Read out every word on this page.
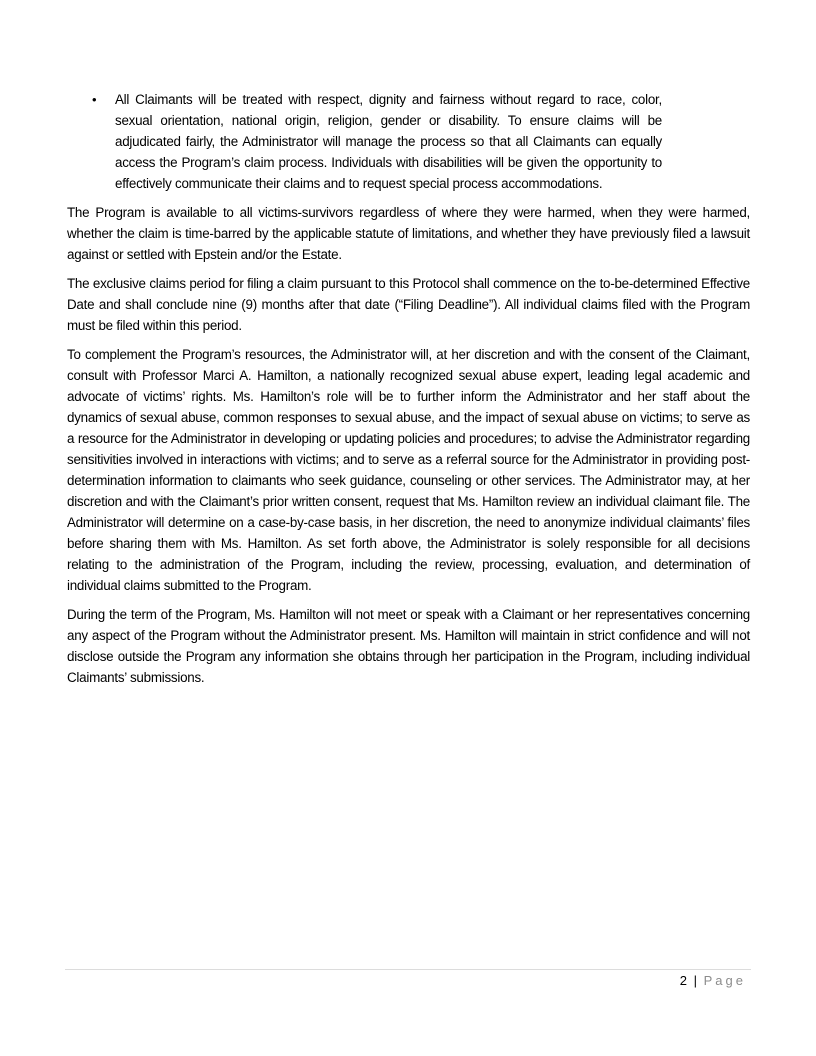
• All Claimants will be treated with respect, dignity and fairness without regard to race, color, sexual orientation, national origin, religion, gender or disability. To ensure claims will be adjudicated fairly, the Administrator will manage the process so that all Claimants can equally access the Program’s claim process. Individuals with disabilities will be given the opportunity to effectively communicate their claims and to request special process accommodations.

The Program is available to all victims-survivors regardless of where they were harmed, when they were harmed, whether the claim is time-barred by the applicable statute of limitations, and whether they have previously filed a lawsuit against or settled with Epstein and/or the Estate.

The exclusive claims period for filing a claim pursuant to this Protocol shall commence on the to-be-determined Effective Date and shall conclude nine (9) months after that date (“Filing Deadline”). All individual claims filed with the Program must be filed within this period.

To complement the Program’s resources, the Administrator will, at her discretion and with the consent of the Claimant, consult with Professor Marci A. Hamilton, a nationally recognized sexual abuse expert, leading legal academic and advocate of victims’ rights. Ms. Hamilton’s role will be to further inform the Administrator and her staff about the dynamics of sexual abuse, common responses to sexual abuse, and the impact of sexual abuse on victims; to serve as a resource for the Administrator in developing or updating policies and procedures; to advise the Administrator regarding sensitivities involved in interactions with victims; and to serve as a referral source for the Administrator in providing post-determination information to claimants who seek guidance, counseling or other services. The Administrator may, at her discretion and with the Claimant’s prior written consent, request that Ms. Hamilton review an individual claimant file. The Administrator will determine on a case-by-case basis, in her discretion, the need to anonymize individual claimants’ files before sharing them with Ms. Hamilton. As set forth above, the Administrator is solely responsible for all decisions relating to the administration of the Program, including the review, processing, evaluation, and determination of individual claims submitted to the Program.

During the term of the Program, Ms. Hamilton will not meet or speak with a Claimant or her representatives concerning any aspect of the Program without the Administrator present. Ms. Hamilton will maintain in strict confidence and will not disclose outside the Program any information she obtains through her participation in the Program, including individual Claimants’ submissions.

2 | Page
